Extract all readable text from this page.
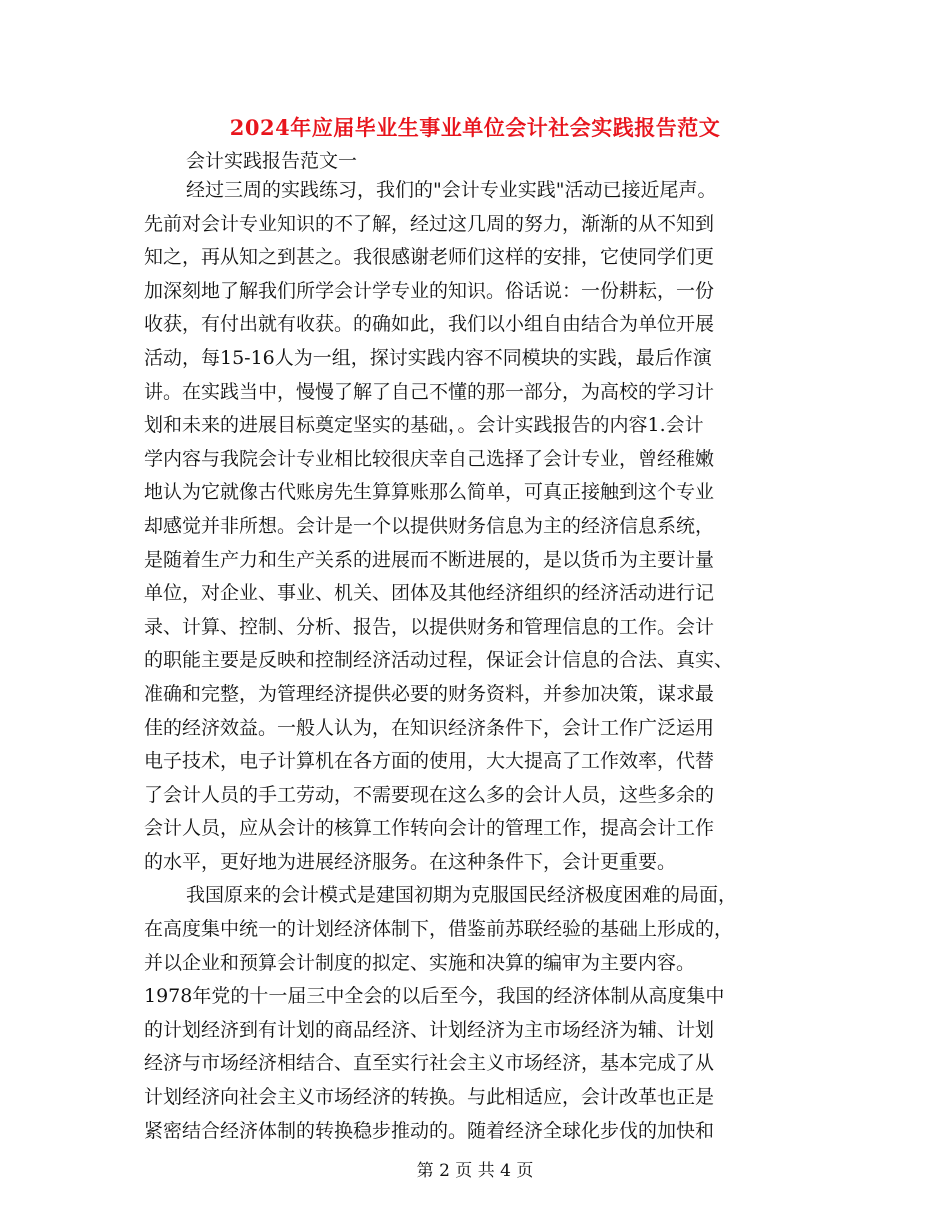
2024年应届毕业生事业单位会计社会实践报告范文
会计实践报告范文一
经过三周的实践练习，我们的"会计专业实践"活动已接近尾声。
先前对会计专业知识的不了解，经过这几周的努力，渐渐的从不知到
知之，再从知之到甚之。我很感谢老师们这样的安排，它使同学们更
加深刻地了解我们所学会计学专业的知识。俗话说：一份耕耘，一份
收获，有付出就有收获。的确如此，我们以小组自由结合为单位开展
活动，每15-16人为一组，探讨实践内容不同模块的实践，最后作演
讲。在实践当中，慢慢了解了自己不懂的那一部分，为高校的学习计
划和未来的进展目标奠定坚实的基础，。会计实践报告的内容1.会计
学内容与我院会计专业相比较很庆幸自己选择了会计专业，曾经稚嫩
地认为它就像古代账房先生算算账那么简单，可真正接触到这个专业
却感觉并非所想。会计是一个以提供财务信息为主的经济信息系统，
是随着生产力和生产关系的进展而不断进展的，是以货币为主要计量
单位，对企业、事业、机关、团体及其他经济组织的经济活动进行记
录、计算、控制、分析、报告，以提供财务和管理信息的工作。会计
的职能主要是反映和控制经济活动过程，保证会计信息的合法、真实、
准确和完整，为管理经济提供必要的财务资料，并参加决策，谋求最
佳的经济效益。一般人认为，在知识经济条件下，会计工作广泛运用
电子技术，电子计算机在各方面的使用，大大提高了工作效率，代替
了会计人员的手工劳动，不需要现在这么多的会计人员，这些多余的
会计人员，应从会计的核算工作转向会计的管理工作，提高会计工作
的水平，更好地为进展经济服务。在这种条件下，会计更重要。
我国原来的会计模式是建国初期为克服国民经济极度困难的局面，
在高度集中统一的计划经济体制下，借鉴前苏联经验的基础上形成的，
并以企业和预算会计制度的拟定、实施和决算的编审为主要内容。
1978年党的十一届三中全会的以后至今，我国的经济体制从高度集中
的计划经济到有计划的商品经济、计划经济为主市场经济为辅、计划
经济与市场经济相结合、直至实行社会主义市场经济，基本完成了从
计划经济向社会主义市场经济的转换。与此相适应，会计改革也正是
紧密结合经济体制的转换稳步推动的。随着经济全球化步伐的加快和
第 2 页 共 4 页
